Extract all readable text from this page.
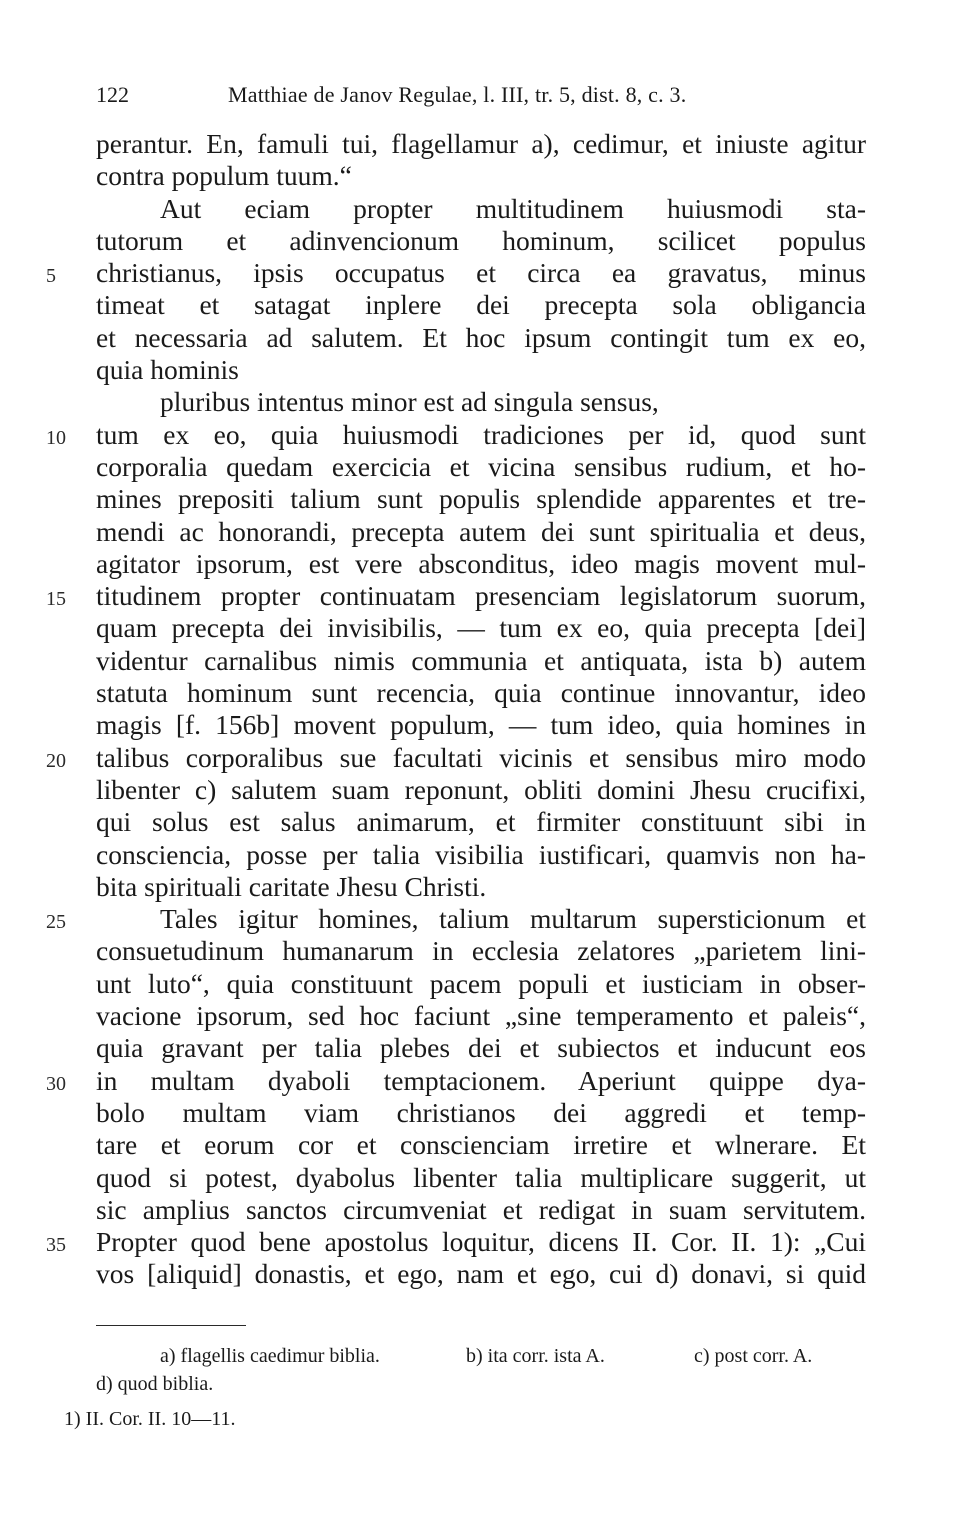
122	Matthiae de Janov Regulae, l. III, tr. 5, dist. 8, c. 3.
perantur. En, famuli tui, flagellamur a), cedimur, et iniuste agitur
contra populum tuum.“
Aut eciam propter multitudinem huiusmodi sta-
tutorum et adinvencionum hominum, scilicet populus
5	christianus, ipsis occupatus et circa ea gravatus, minus
timeat et satagat inplere dei precepta sola obligancia
et necessaria ad salutem. Et hoc ipsum contingit tum ex eo,
quia hominis
pluribus intentus minor est ad singula sensus,
10	tum ex eo, quia huiusmodi tradiciones per id, quod sunt
corporalia quedam exercicia et vicina sensibus rudium, et ho-
mines prepositi talium sunt populis splendide apparentes et tre-
mendi ac honorandi, precepta autem dei sunt spiritualia et deus,
agitator ipsorum, est vere absconditus, ideo magis movent mul-
15	titudinem propter continuatam presenciam legislatorum suorum,
quam precepta dei invisibilis, — tum ex eo, quia precepta [dei]
videntur carnalibus nimis communia et antiquata, ista b) autem
statuta hominum sunt recencia, quia continue innovantur, ideo
magis [f. 156b] movent populum, — tum ideo, quia homines in
20	talibus corporalibus sue facultati vicinis et sensibus miro modo
libenter c) salutem suam reponunt, obliti domini Jhesu crucifixi,
qui solus est salus animarum, et firmiter constituunt sibi in
consciencia, posse per talia visibilia iustificari, quamvis non ha-
bita spirituali caritate Jhesu Christi.
25	Tales igitur homines, talium multarum supersticionum et
consuetudinum humanarum in ecclesia zelatores „parietem lini-
unt luto“, quia constituunt pacem populi et iusticiam in obser-
vacione ipsorum, sed hoc faciunt „sine temperamento et paleis“,
quia gravant per talia plebes dei et subiectos et inducunt eos
30	in multam dyaboli temptacionem. Aperiunt quippe dya-
bolo multam viam christianos dei aggredi et temp-
tare et eorum cor et conscienciam irretire et wlnerare. Et
quod si potest, dyabolus libenter talia multiplicare suggerit, ut
sic amplius sanctos circumveniat et redigat in suam servitutem.
35	Propter quod bene apostolus loquitur, dicens II. Cor. II. 1): „Cui
vos [aliquid] donastis, et ego, nam et ego, cui d) donavi, si quid
a) flagellis caedimur biblia.	b) ita corr. ista A.	c) post corr. A.
d) quod biblia.
1) II. Cor. II. 10—11.
